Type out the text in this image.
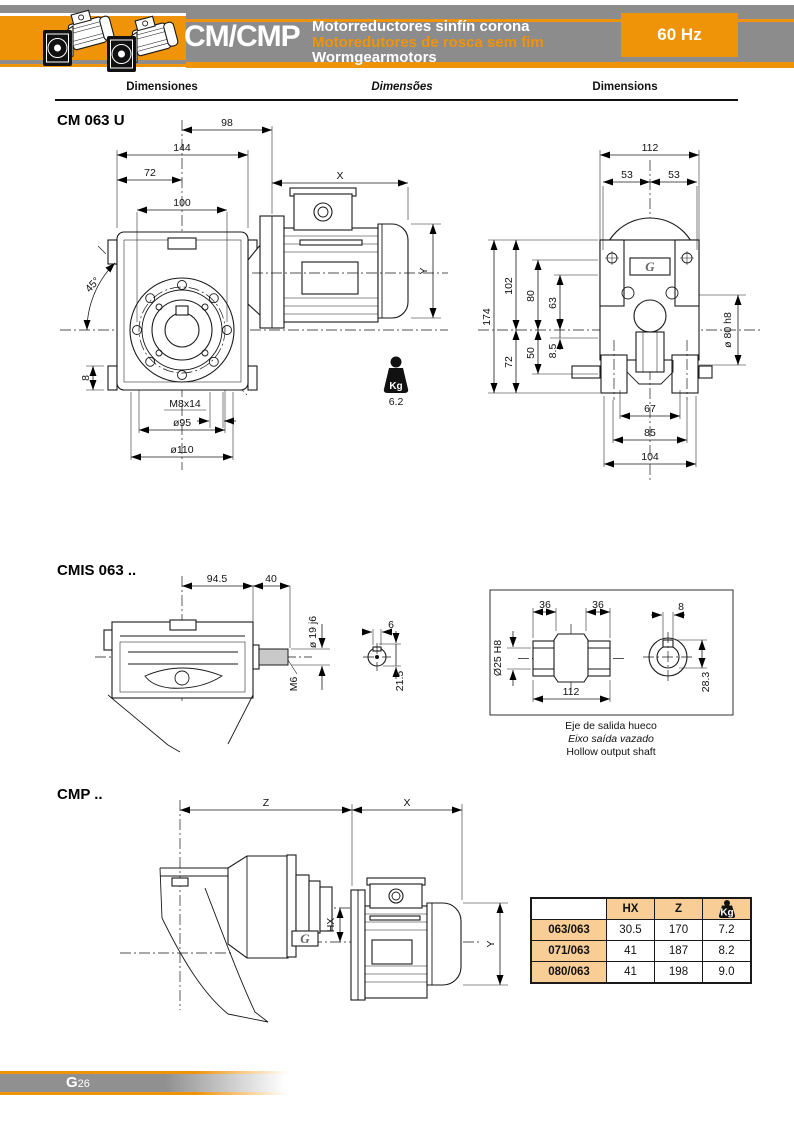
CM/CMP Motorreductores sinfín corona
Motoredutores de rosca sem fim
Wormgearmotors
60 Hz
Dimensiones	Dimensões	Dimensions
CM 063 U	98
144
72
100
X
Y
45°
8
M8x14
ø95
ø110
Kg
6.2
G
112
53	53
174
102
80
63
72
50 8.5
ø 80 h8
67
85
104
CMIS 063 ..
M6
94.5	40
ø 19 j6	6
21.5
36	36
Ø25 H8
112
8
28.3
Eje de salida hueco
Eixo saída vazado
Hollow output shaft
CMP ..
G
Z	X
HX
Y
	HX	Z	Kg

063/063	30.5	170	7.2
071/063	41	187	8.2
080/063	41	198	9.0
G26
